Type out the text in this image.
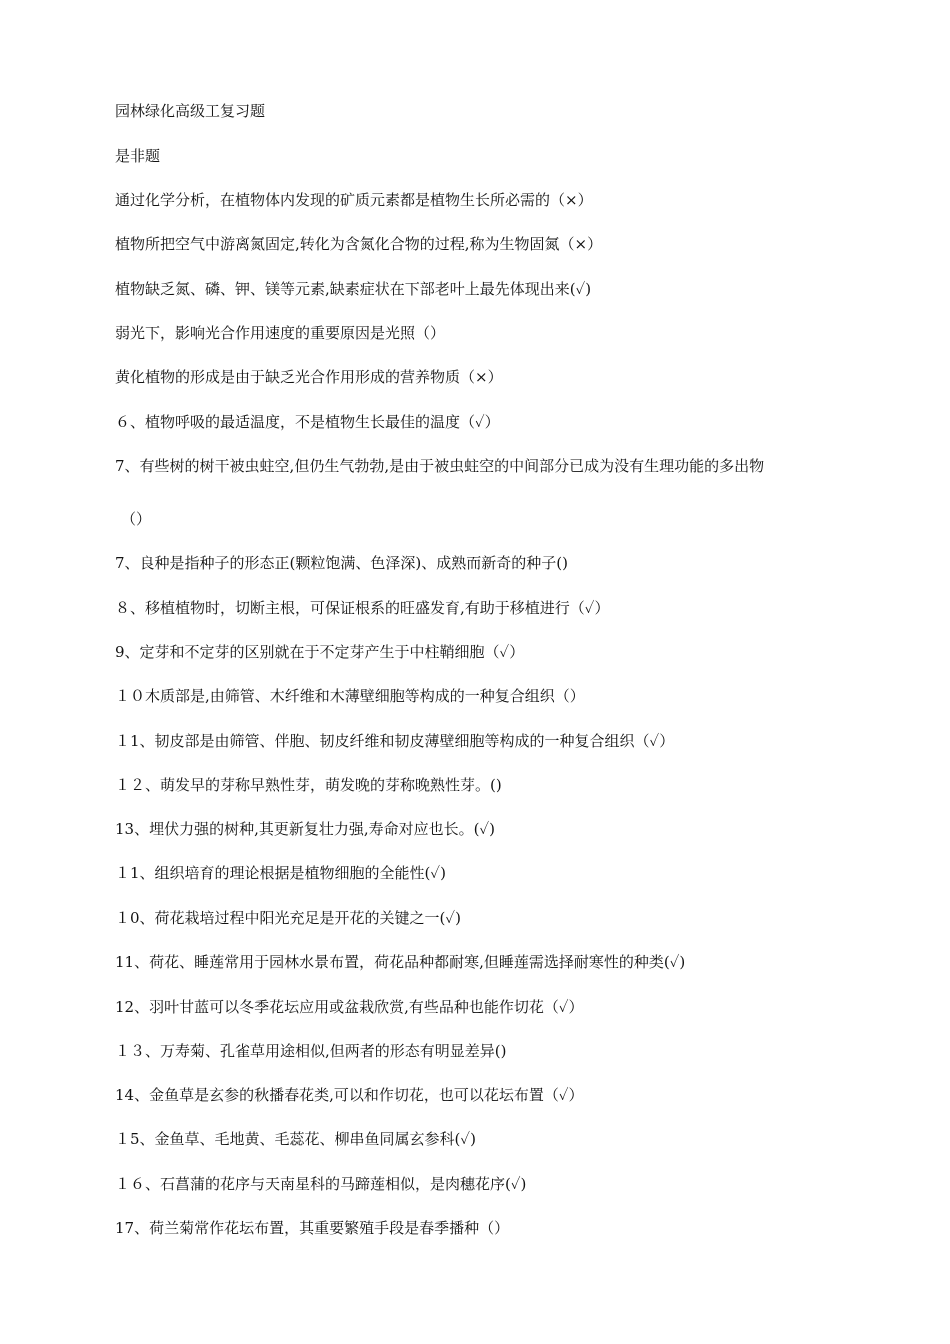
园林绿化高级工复习题
是非题
通过化学分析，在植物体内发现的矿质元素都是植物生长所必需的（×）
植物所把空气中游离氮固定,转化为含氮化合物的过程,称为生物固氮（×）
植物缺乏氮、磷、钾、镁等元素,缺素症状在下部老叶上最先体现出来(✓)
弱光下，影响光合作用速度的重要原因是光照（）
黄化植物的形成是由于缺乏光合作用形成的营养物质（×）
６、植物呼吸的最适温度，不是植物生长最佳的温度（✓）
7、有些树的树干被虫蛀空,但仍生气勃勃,是由于被虫蛀空的中间部分已成为没有生理功能的多出物
（）
7、良种是指种子的形态正(颗粒饱满、色泽深)、成熟而新奇的种子()
８、移植植物时，切断主根，可保证根系的旺盛发育,有助于移植进行（✓）
9、定芽和不定芽的区别就在于不定芽产生于中柱鞘细胞（✓）
１０木质部是,由筛管、木纤维和木薄壁细胞等构成的一种复合组织（）
１1、韧皮部是由筛管、伴胞、韧皮纤维和韧皮薄壁细胞等构成的一种复合组织（✓）
１２、萌发早的芽称早熟性芽，萌发晚的芽称晚熟性芽。()
13、埋伏力强的树种,其更新复壮力强,寿命对应也长。(✓)
１1、组织培育的理论根据是植物细胞的全能性(✓)
１0、荷花栽培过程中阳光充足是开花的关键之一(✓)
11、荷花、睡莲常用于园林水景布置，荷花品种都耐寒,但睡莲需选择耐寒性的种类(✓)
12、羽叶甘蓝可以冬季花坛应用或盆栽欣赏,有些品种也能作切花（✓）
１３、万寿菊、孔雀草用途相似,但两者的形态有明显差异()
14、金鱼草是玄参的秋播春花类,可以和作切花，也可以花坛布置（✓）
１5、金鱼草、毛地黄、毛蕊花、柳串鱼同属玄参科(✓)
１６、石菖蒲的花序与天南星科的马蹄莲相似，是肉穗花序(✓)
17、荷兰菊常作花坛布置，其重要繁殖手段是春季播种（）
